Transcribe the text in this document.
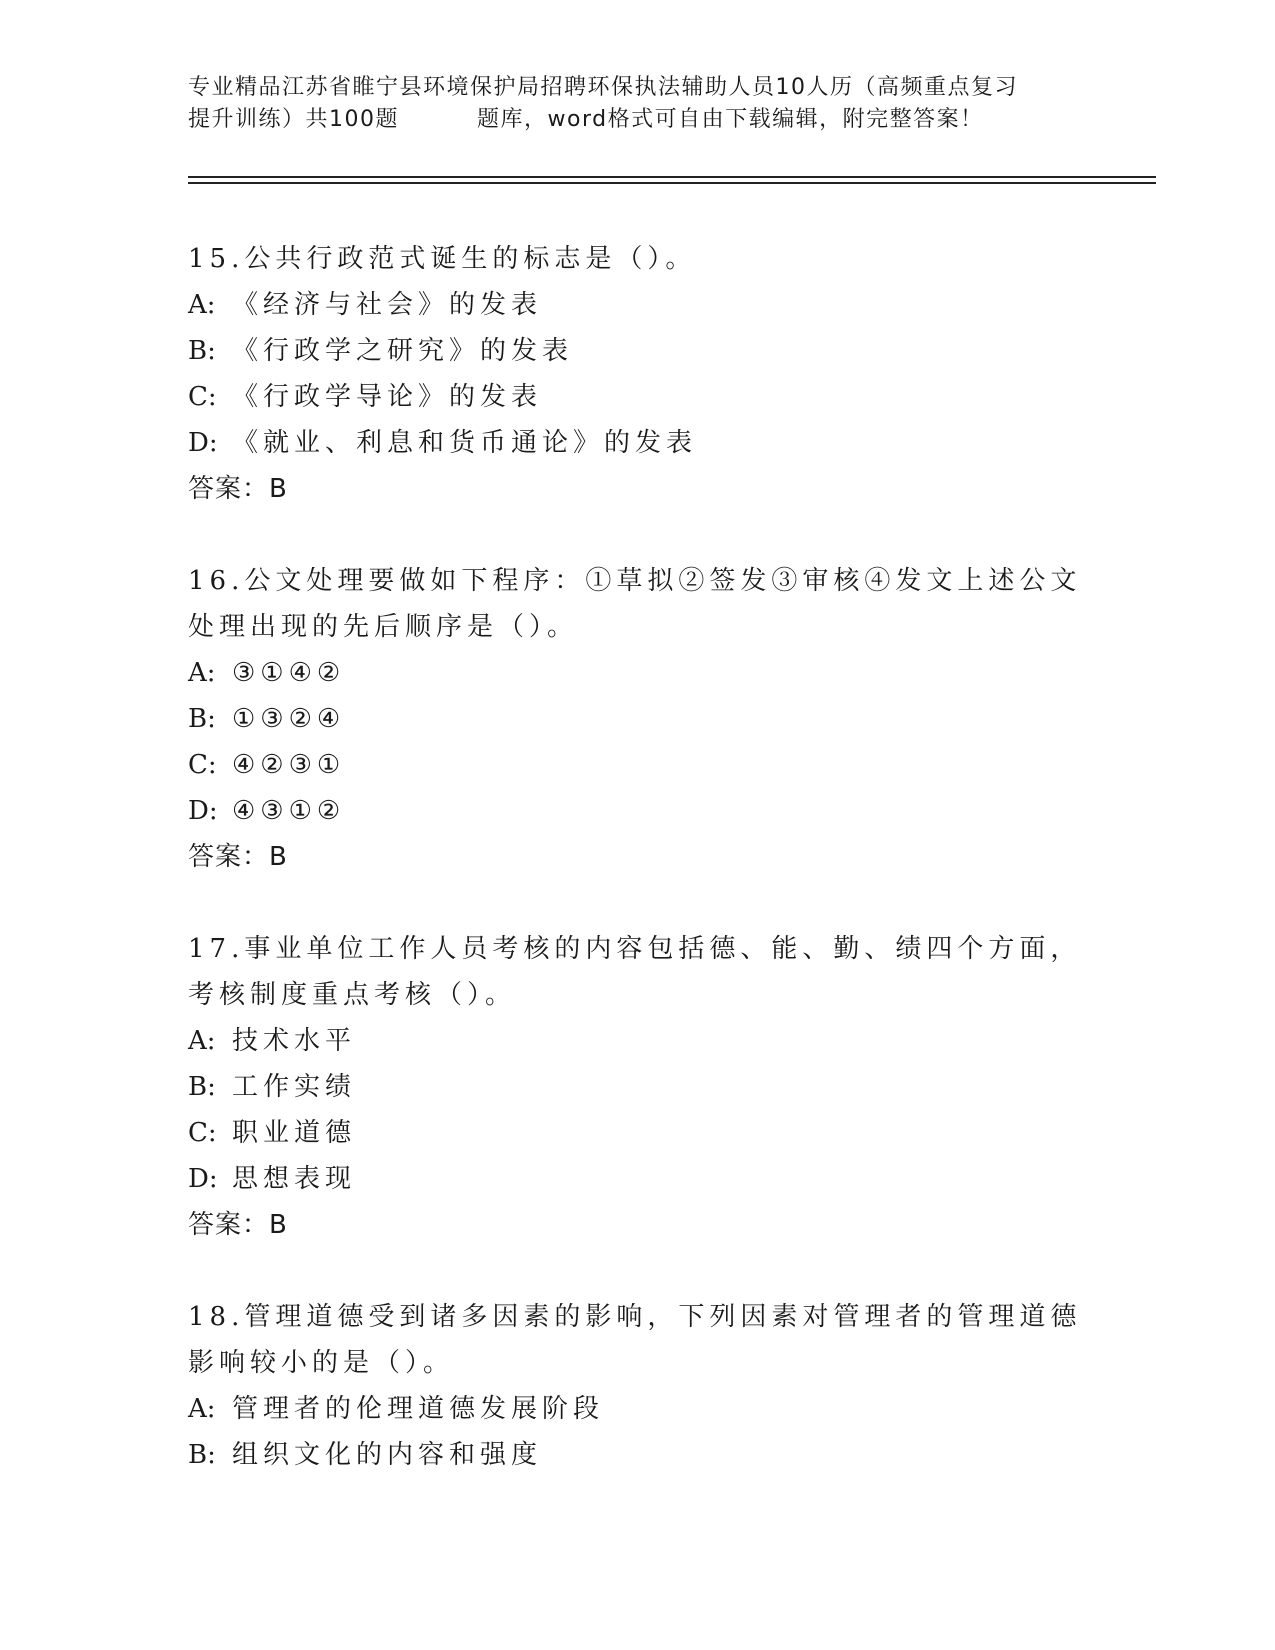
专业精品江苏省睢宁县环境保护局招聘环保执法辅助人员10人历（高频重点复习
提升训练）共100题	题库，word格式可自由下载编辑，附完整答案！

15.公共行政范式诞生的标志是（）。

A: 《经济与社会》的发表
B: 《行政学之研究》的发表
C: 《行政学导论》的发表
D: 《就业、利息和货币通论》的发表
答案：B

16.公文处理要做如下程序：①草拟②签发③审核④发文上述公文处理出现的先后顺序是（）。

A: ③①④②
B: ①③②④
C: ④②③①
D: ④③①②
答案：B

17.事业单位工作人员考核的内容包括德、能、勤、绩四个方面，考核制度重点考核（）。

A: 技术水平
B: 工作实绩
C: 职业道德
D: 思想表现
答案：B

18.管理道德受到诸多因素的影响，下列因素对管理者的管理道德影响较小的是（）。

A: 管理者的伦理道德发展阶段
B: 组织文化的内容和强度
